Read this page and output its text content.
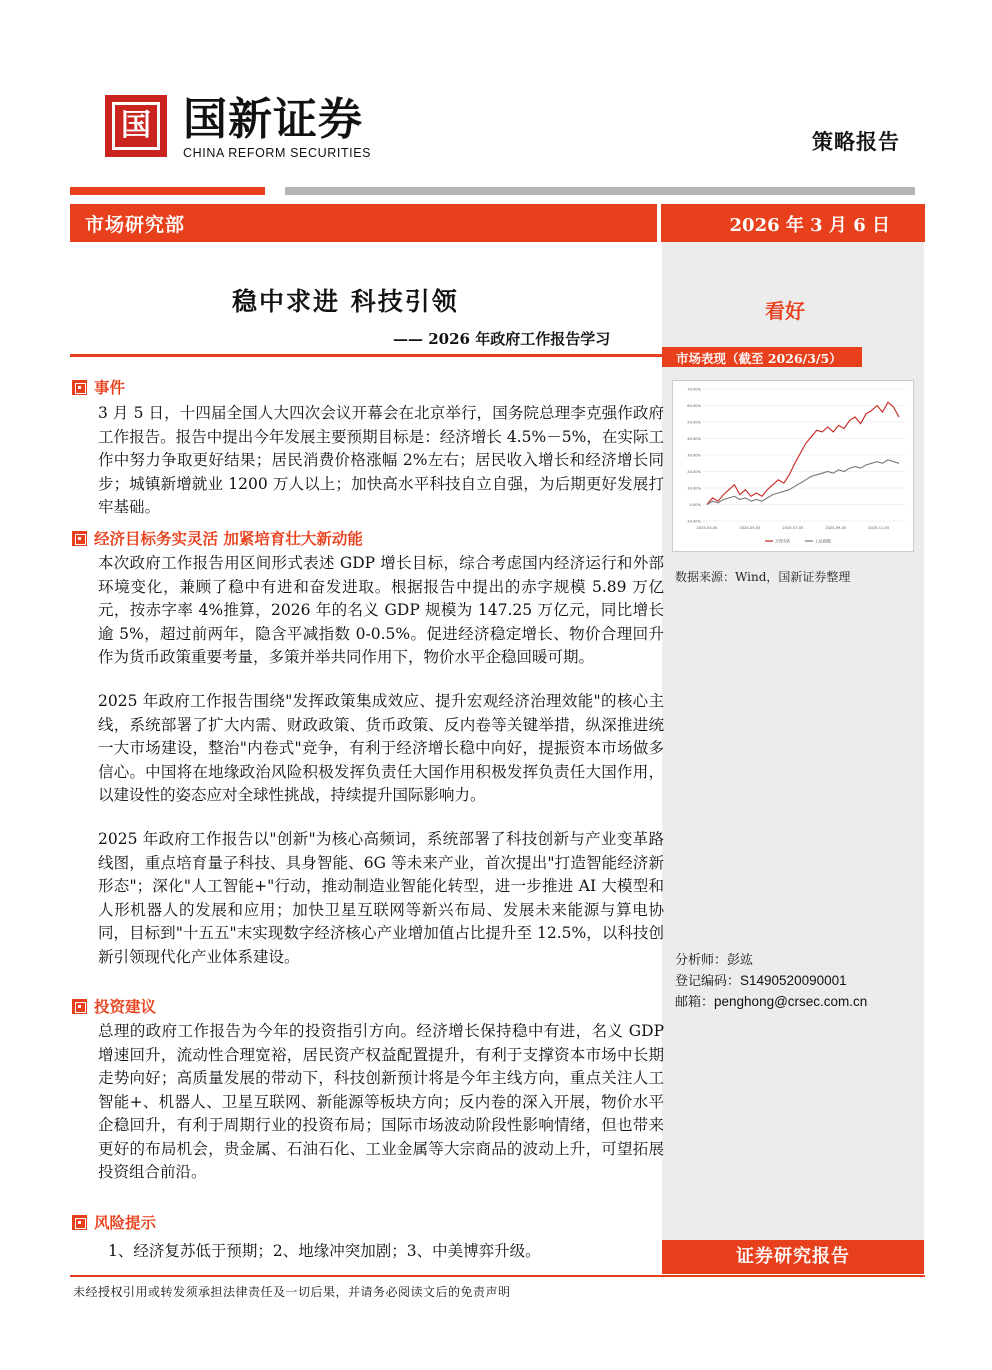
国 国新证券
CHINA REFORM SECURITIES	策略报告
市场研究部	2026 年 3 月 6 日
稳中求进 科技引领
—— 2026 年政府工作报告学习
看好
市场表现（截至 2026/3/5）
70.00%
60.00%
50.00%
40.00%
30.00%
20.00%
10.00%
0.00%
-10.00%
2025-03-05	2025-05-05	2025-07-05	2025-09-05	2025-11-05
万得全A	上证指数
数据来源：Wind，国新证券整理
分析师：彭竑
登记编码：S1490520090001
邮箱：penghong@crsec.com.cn
事件
3 月 5 日，十四届全国人大四次会议开幕会在北京举行，国务院总理李克强作政府工作报告。报告中提出今年发展主要预期目标是：经济增长 4.5%－5%，在实际工作中努力争取更好结果；居民消费价格涨幅 2%左右；居民收入增长和经济增长同步；城镇新增就业 1200 万人以上；加快高水平科技自立自强，为后期更好发展打牢基础。
经济目标务实灵活 加紧培育壮大新动能
本次政府工作报告用区间形式表述 GDP 增长目标，综合考虑国内经济运行和外部环境变化，兼顾了稳中有进和奋发进取。根据报告中提出的赤字规模 5.89 万亿元，按赤字率 4%推算，2026 年的名义 GDP 规模为 147.25 万亿元，同比增长逾 5%，超过前两年，隐含平减指数 0-0.5%。促进经济稳定增长、物价合理回升作为货币政策重要考量，多策并举共同作用下，物价水平企稳回暖可期。
2025 年政府工作报告围绕"发挥政策集成效应、提升宏观经济治理效能"的核心主线，系统部署了扩大内需、财政政策、货币政策、反内卷等关键举措，纵深推进统一大市场建设，整治"内卷式"竞争，有利于经济增长稳中向好，提振资本市场做多信心。中国将在地缘政治风险积极发挥负责任大国作用积极发挥负责任大国作用，以建设性的姿态应对全球性挑战，持续提升国际影响力。
2025 年政府工作报告以"创新"为核心高频词，系统部署了科技创新与产业变革路线图，重点培育量子科技、具身智能、6G 等未来产业，首次提出"打造智能经济新形态"；深化"人工智能+"行动，推动制造业智能化转型，进一步推进 AI 大模型和人形机器人的发展和应用；加快卫星互联网等新兴布局、发展未来能源与算电协同，目标到"十五五"末实现数字经济核心产业增加值占比提升至 12.5%，以科技创新引领现代化产业体系建设。
投资建议
总理的政府工作报告为今年的投资指引方向。经济增长保持稳中有进，名义 GDP 增速回升，流动性合理宽裕，居民资产权益配置提升，有利于支撑资本市场中长期走势向好；高质量发展的带动下，科技创新预计将是今年主线方向，重点关注人工智能+、机器人、卫星互联网、新能源等板块方向；反内卷的深入开展，物价水平企稳回升，有利于周期行业的投资布局；国际市场波动阶段性影响情绪，但也带来更好的布局机会，贵金属、石油石化、工业金属等大宗商品的波动上升，可望拓展投资组合前沿。
风险提示
1、经济复苏低于预期；2、地缘冲突加剧；3、中美博弈升级。	证券研究报告
未经授权引用或转发须承担法律责任及一切后果，并请务必阅读文后的免责声明
